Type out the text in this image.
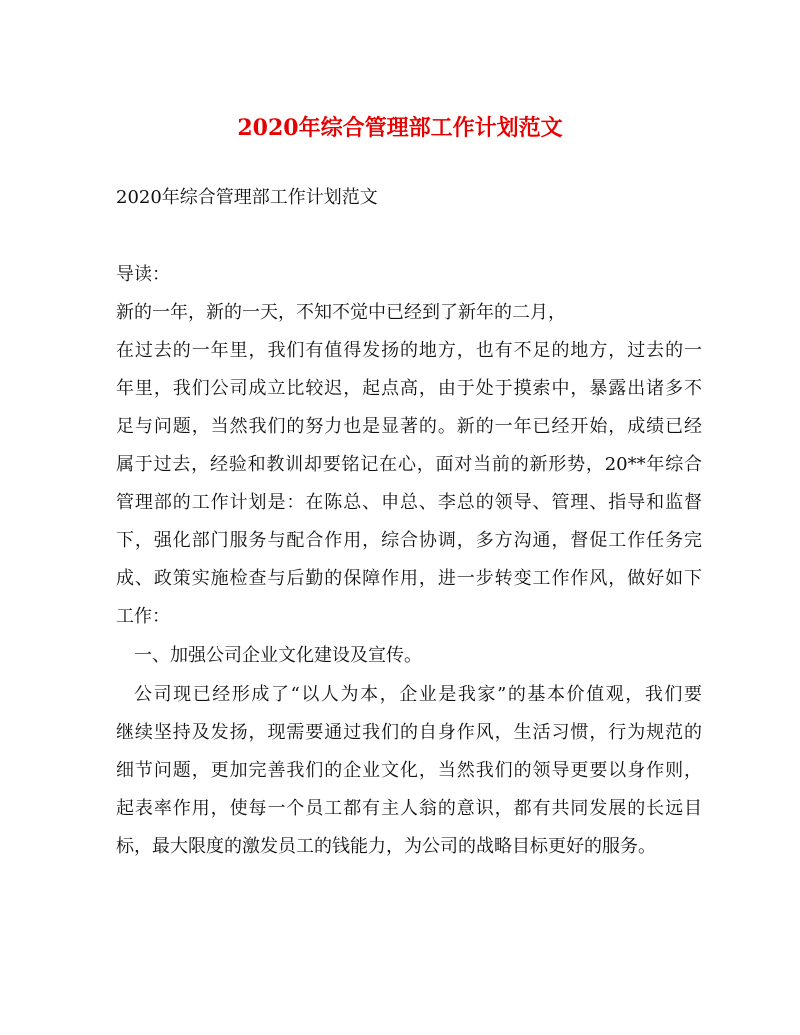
2020年综合管理部工作计划范文
2020年综合管理部工作计划范文
导读：
新的一年，新的一天，不知不觉中已经到了新年的二月，
在过去的一年里，我们有值得发扬的地方，也有不足的地方，过去的一
年里，我们公司成立比较迟，起点高，由于处于摸索中，暴露出诸多不
足与问题，当然我们的努力也是显著的。新的一年已经开始，成绩已经
属于过去，经验和教训却要铭记在心，面对当前的新形势，20**年综合
管理部的工作计划是：在陈总、申总、李总的领导、管理、指导和监督
下，强化部门服务与配合作用，综合协调，多方沟通，督促工作任务完
成、政策实施检查与后勤的保障作用，进一步转变工作作风，做好如下
工作：
一、加强公司企业文化建设及宣传。
公司现已经形成了“以人为本，企业是我家”的基本价值观，我们要
继续坚持及发扬，现需要通过我们的自身作风，生活习惯，行为规范的
细节问题，更加完善我们的企业文化，当然我们的领导更要以身作则，
起表率作用，使每一个员工都有主人翁的意识，都有共同发展的长远目
标，最大限度的激发员工的钱能力，为公司的战略目标更好的服务。
